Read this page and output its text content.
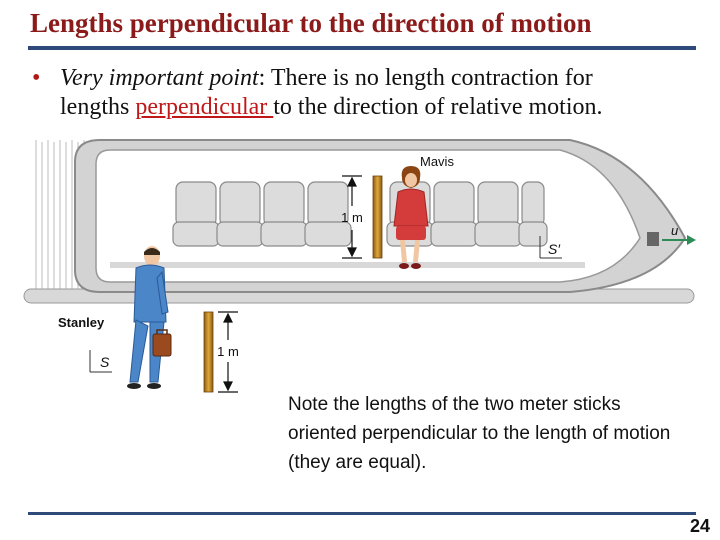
Lengths perpendicular to the direction of motion
• Very important point: There is no length contraction for
lengths perpendicular to the direction of relative motion.
1 m
Mavis
S′
u
Stanley
S
1 m
Note the lengths of the two meter sticks oriented perpendicular to the length of motion (they are equal).
24
